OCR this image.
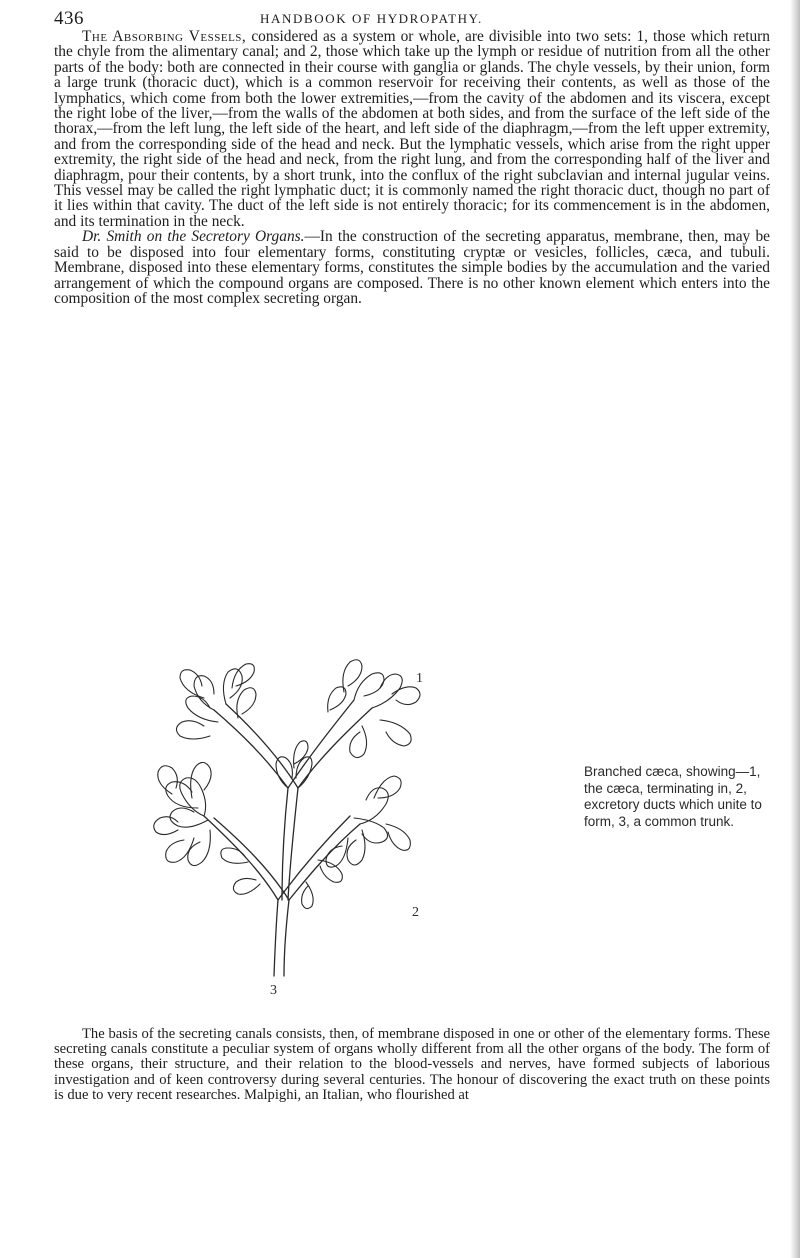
436	HANDBOOK OF HYDROPATHY.

The Absorbing Vessels, considered as a system or whole, are divisible into two sets: 1, those which return the chyle from the alimentary canal; and 2, those which take up the lymph or residue of nutrition from all the other parts of the body: both are connected in their course with ganglia or glands. The chyle vessels, by their union, form a large trunk (thoracic duct), which is a common reservoir for receiving their contents, as well as those of the lymphatics, which come from both the lower extremities,—from the cavity of the abdomen and its viscera, except the right lobe of the liver,—from the walls of the abdomen at both sides, and from the surface of the left side of the thorax,—from the left lung, the left side of the heart, and left side of the diaphragm,—from the left upper extremity, and from the corresponding side of the head and neck. But the lymphatic vessels, which arise from the right upper extremity, the right side of the head and neck, from the right lung, and from the corresponding half of the liver and diaphragm, pour their contents, by a short trunk, into the conflux of the right subclavian and internal jugular veins. This vessel may be called the right lymphatic duct; it is commonly named the right thoracic duct, though no part of it lies within that cavity. The duct of the left side is not entirely thoracic; for its commencement is in the abdomen, and its termination in the neck.

Dr. Smith on the Secretory Organs.—In the construction of the secreting apparatus, membrane, then, may be said to be disposed into four elementary forms, constituting cryptæ or vesicles, follicles, cæca, and tubuli. Membrane, disposed into these elementary forms, constitutes the simple bodies by the accumulation and the varied arrangement of which the compound organs are composed. There is no other known element which enters into the composition of the most complex secreting organ.

1
2
3
Branched cæca, showing—1, the cæca, terminating in, 2, excretory ducts which unite to form, 3, a common trunk.

The basis of the secreting canals consists, then, of membrane disposed in one or other of the elementary forms. These secreting canals constitute a peculiar system of organs wholly different from all the other organs of the body. The form of these organs, their structure, and their relation to the blood-vessels and nerves, have formed subjects of laborious investigation and of keen controversy during several centuries. The honour of discovering the exact truth on these points is due to very recent researches. Malpighi, an Italian, who flourished at
